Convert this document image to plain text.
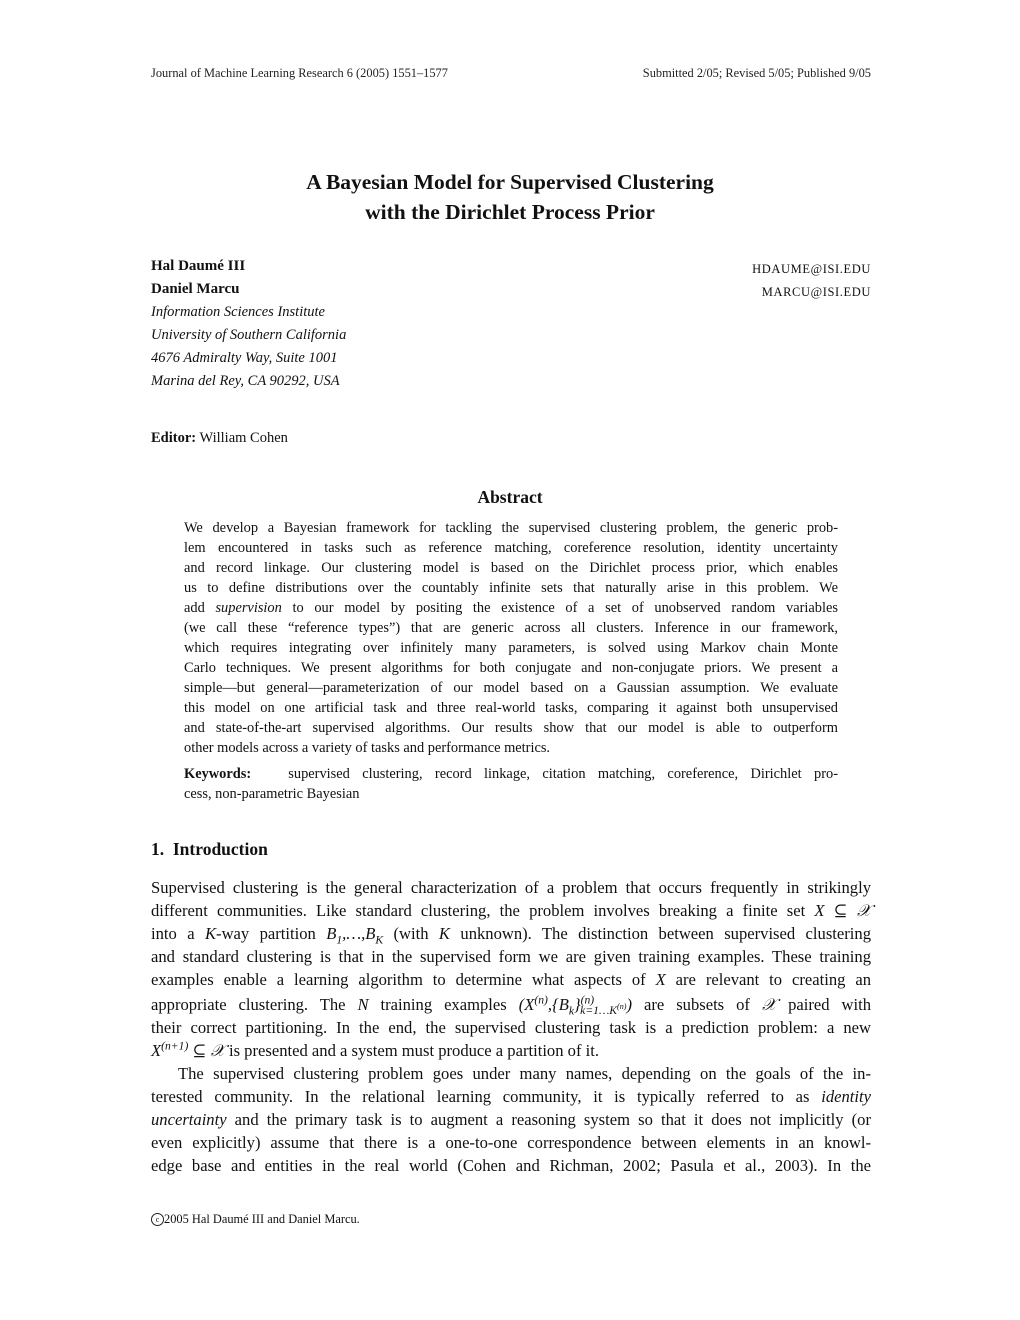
Journal of Machine Learning Research 6 (2005) 1551–1577	Submitted 2/05; Revised 5/05; Published 9/05
A Bayesian Model for Supervised Clustering
with the Dirichlet Process Prior
Hal Daumé III	HDAUME@ISI.EDU
Daniel Marcu	MARCU@ISI.EDU
Information Sciences Institute
University of Southern California
4676 Admiralty Way, Suite 1001
Marina del Rey, CA 90292, USA
Editor: William Cohen
Abstract
We develop a Bayesian framework for tackling the supervised clustering problem, the generic prob-
lem encountered in tasks such as reference matching, coreference resolution, identity uncertainty
and record linkage. Our clustering model is based on the Dirichlet process prior, which enables
us to define distributions over the countably infinite sets that naturally arise in this problem. We
add supervision to our model by positing the existence of a set of unobserved random variables
(we call these “reference types”) that are generic across all clusters. Inference in our framework,
which requires integrating over infinitely many parameters, is solved using Markov chain Monte
Carlo techniques. We present algorithms for both conjugate and non-conjugate priors. We present a
simple—but general—parameterization of our model based on a Gaussian assumption. We evaluate
this model on one artificial task and three real-world tasks, comparing it against both unsupervised
and state-of-the-art supervised algorithms. Our results show that our model is able to outperform
other models across a variety of tasks and performance metrics.
Keywords:	supervised clustering, record linkage, citation matching, coreference, Dirichlet pro-
cess, non-parametric Bayesian
1. Introduction
Supervised clustering is the general characterization of a problem that occurs frequently in strikingly
different communities. Like standard clustering, the problem involves breaking a finite set X ⊆ 𝒳
into a K-way partition $B_1,\dots,B_K$ (with K unknown). The distinction between supervised clustering
and standard clustering is that in the supervised form we are given training examples. These training
examples enable a learning algorithm to determine what aspects of X are relevant to creating an
appropriate clustering. The N training examples $(X^{(n)},\{B_k\}^{(n)}_{k=1\dots K^{(n)}})$ are subsets of 𝒳 paired with
their correct partitioning. In the end, the supervised clustering task is a prediction problem: a new
$X^{(n+1)}$ ⊆ 𝒳 is presented and a system must produce a partition of it.
The supervised clustering problem goes under many names, depending on the goals of the in-
terested community. In the relational learning community, it is typically referred to as identity
uncertainty and the primary task is to augment a reasoning system so that it does not implicitly (or
even explicitly) assume that there is a one-to-one correspondence between elements in an knowl-
edge base and entities in the real world (Cohen and Richman, 2002; Pasula et al., 2003). In the
c 2005 Hal Daumé III and Daniel Marcu.
